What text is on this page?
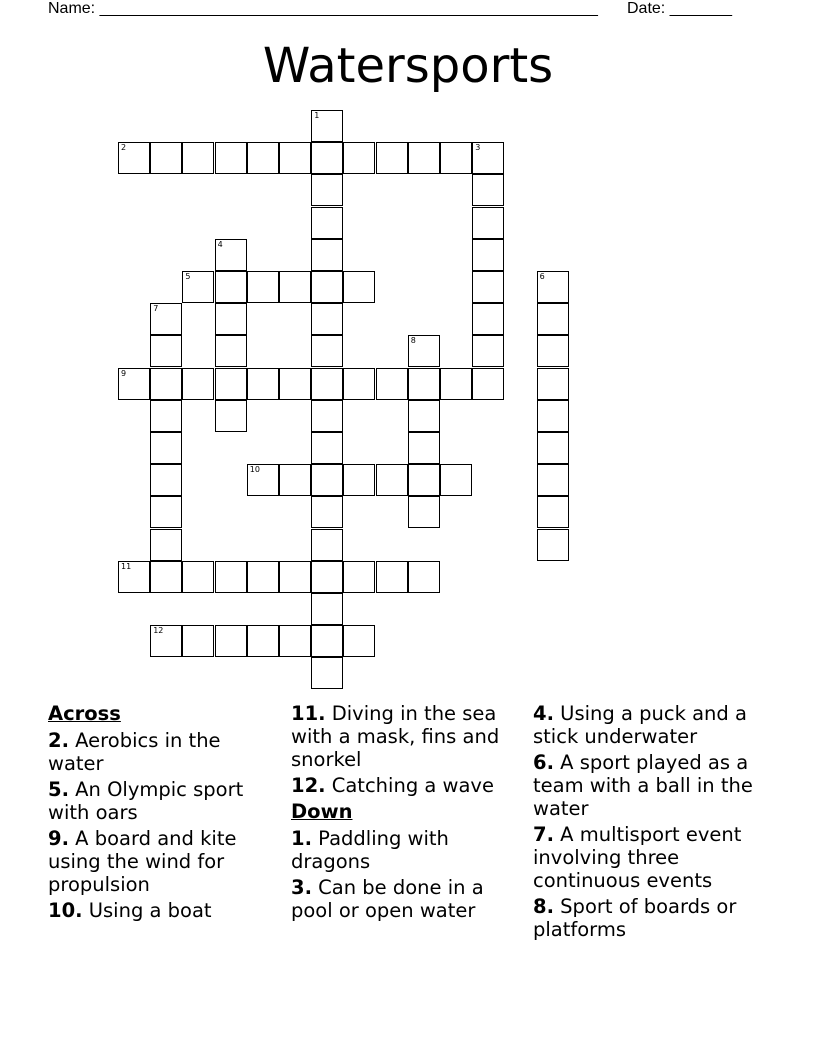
Name: ________________________________________________________ Date: _______
Watersports
1
2	3
4
5	6
7
8
9
10
11
12
Across
2. Aerobics in the water
5. An Olympic sport with oars
9. A board and kite using the wind for propulsion
10. Using a boat
11. Diving in the sea with a mask, fins and snorkel
12. Catching a wave
Down
1. Paddling with dragons
3. Can be done in a pool or open water
4. Using a puck and a stick underwater
6. A sport played as a team with a ball in the water
7. A multisport event involving three continuous events
8. Sport of boards or platforms
